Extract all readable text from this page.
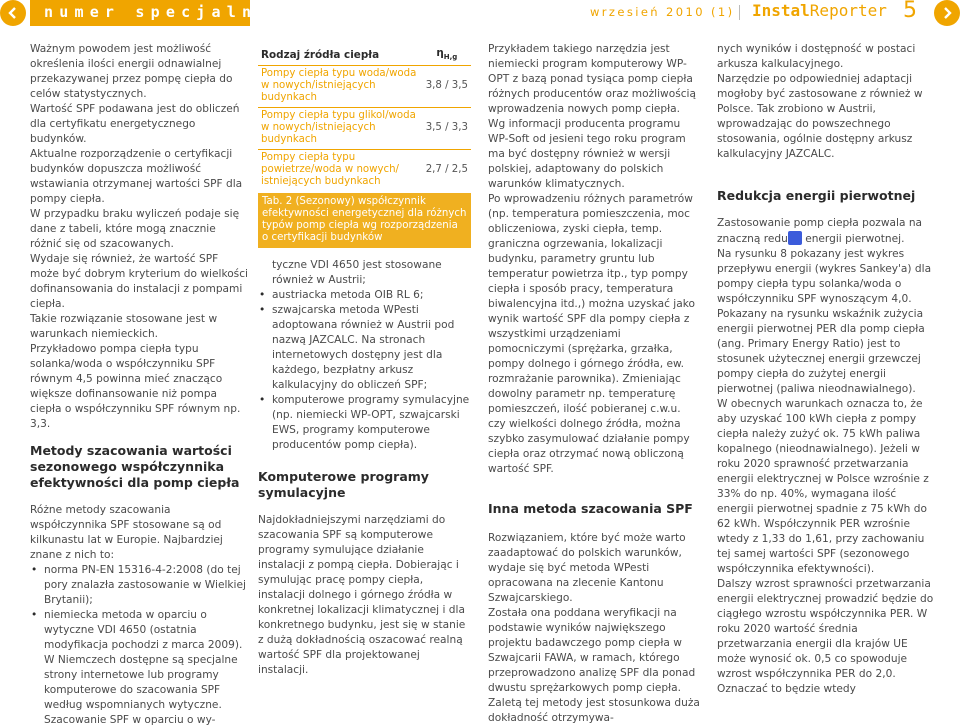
numer specjalny	wrzesień 2010 (1) InstalReporter 5

Ważnym powodem jest możliwość określenia ilości energii odnawialnej przekazywanej przez pompę ciepła do celów statystycznych.

Wartość SPF podawana jest do obliczeń dla certyfikatu energetycznego budynków.

Aktualne rozporządzenie o certyfikacji budynków dopuszcza możliwość wstawiania otrzymanej wartości SPF dla pompy ciepła.

W przypadku braku wyliczeń podaje się dane z tabeli, które mogą znacznie różnić się od szacowanych.

Wydaje się również, że wartość SPF może być dobrym kryterium do wielkości dofinansowania do instalacji z pompami ciepła.

Takie rozwiązanie stosowane jest w warunkach niemieckich.

Przykładowo pompa ciepła typu solanka/woda o współczynniku SPF równym 4,5 powinna mieć znacząco większe dofinansowanie niż pompa ciepła o współczynniku SPF równym np. 3,3.

Metody szacowania wartości sezonowego współczynnika efektywności dla pomp ciepła

Różne metody szacowania współczynnika SPF stosowane są od kilkunastu lat w Europie. Najbardziej znane z nich to:

• norma PN-EN 15316-4-2:2008 (do tej pory znalazła zastosowanie w Wielkiej Brytanii);
• niemiecka metoda w oparciu o wytyczne VDI 4650 (ostatnia modyfikacja pochodzi z marca 2009). W Niemczech dostępne są specjalne strony internetowe lub programy komputerowe do szacowania SPF według wspomnianych wytyczne. Szacowanie SPF w oparciu o wy-
Rodzaj źródła ciepła	$\eta_{H,g}$
Pompy ciepła typu woda/woda w nowych/istniejących budynkach	3,8 / 3,5
Pompy ciepła typu glikol/woda w nowych/istniejących budynkach	3,5 / 3,3
Pompy ciepła typu powietrze/woda w nowych/ istniejących budynkach	2,7 / 2,5
Tab. 2 (Sezonowy) współczynnik efektywności energetycznej dla różnych typów pomp ciepła wg rozporządzenia o certyfikacji budynków

tyczne VDI 4650 jest stosowane również w Austrii;

• austriacka metoda OIB RL 6;
• szwajcarska metoda WPesti adoptowana również w Austrii pod nazwą JAZCALC. Na stronach internetowych dostępny jest dla każdego, bezpłatny arkusz kalkulacyjny do obliczeń SPF;
• komputerowe programy symulacyjne (np. niemiecki WP-OPT, szwajcarski EWS, programy komputerowe producentów pomp ciepła).
Komputerowe programy symulacyjne

Najdokładniejszymi narzędziami do szacowania SPF są komputerowe programy symulujące działanie instalacji z pompą ciepła. Dobierając i symulując pracę pompy ciepła, instalacji dolnego i górnego źródła w konkretnej lokalizacji klimatycznej i dla konkretnego budynku, jest się w stanie z dużą dokładnością oszacować realną wartość SPF dla projektowanej instalacji.

Przykładem takiego narzędzia jest niemiecki program komputerowy WP-OPT z bazą ponad tysiąca pomp ciepła różnych producentów oraz możliwością wprowadzenia nowych pomp ciepła. Wg informacji producenta programu WP-Soft od jesieni tego roku program ma być dostępny również w wersji polskiej, adaptowany do polskich warunków klimatycznych.

Po wprowadzeniu różnych parametrów (np. temperatura pomieszczenia, moc obliczeniowa, zyski ciepła, temp. graniczna ogrzewania, lokalizacji budynku, parametry gruntu lub temperatur powietrza itp., typ pompy ciepła i sposób pracy, temperatura biwalencyjna itd.,) można uzyskać jako wynik wartość SPF dla pompy ciepła z wszystkimi urządzeniami pomocniczymi (sprężarka, grzałka, pompy dolnego i górnego źródła, ew. rozmrażanie parownika). Zmieniając dowolny parametr np. temperaturę pomieszczeń, ilość pobieranej c.w.u. czy wielkości dolnego źródła, można szybko zasymulować działanie pompy ciepła oraz otrzymać nową obliczoną wartość SPF.

Inna metoda szacowania SPF

Rozwiązaniem, które być może warto zaadaptować do polskich warunków, wydaje się być metoda WPesti opracowana na zlecenie Kantonu Szwajcarskiego.

Została ona poddana weryfikacji na podstawie wyników największego projektu badawczego pomp ciepła w Szwajcarii FAWA, w ramach, którego przeprowadzono analizę SPF dla ponad dwustu sprężarkowych pomp ciepła. Zaletą tej metody jest stosunkowa duża dokładność otrzymywa-

nych wyników i dostępność w postaci arkusza kalkulacyjnego.

Narzędzie po odpowiedniej adaptacji mogłoby być zastosowane z również w Polsce. Tak zrobiono w Austrii, wprowadzając do powszechnego stosowania, ogólnie dostępny arkusz kalkulacyjny JAZCALC.

Redukcja energii pierwotnej

Zastosowanie pomp ciepła pozwala na znaczną redu energii pierwotnej.

Na rysunku 8 pokazany jest wykres przepływu energii (wykres Sankey'a) dla pompy ciepła typu solanka/woda o współczynniku SPF wynoszącym 4,0.

Pokazany na rysunku wskaźnik zużycia energii pierwotnej PER dla pomp ciepła (ang. Primary Energy Ratio) jest to stosunek użytecznej energii grzewczej pompy ciepła do zużytej energii pierwotnej (paliwa nieodnawialnego).

W obecnych warunkach oznacza to, że aby uzyskać 100 kWh ciepła z pompy ciepła należy zużyć ok. 75 kWh paliwa kopalnego (nieodnawialnego). Jeżeli w roku 2020 sprawność przetwarzania energii elektrycznej w Polsce wzrośnie z 33% do np. 40%, wymagana ilość energii pierwotnej spadnie z 75 kWh do 62 kWh. Współczynnik PER wzrośnie wtedy z 1,33 do 1,61, przy zachowaniu tej samej wartości SPF (sezonowego współczynnika efektywności).

Dalszy wzrost sprawności przetwarzania energii elektrycznej prowadzić będzie do ciągłego wzrostu współczynnika PER. W roku 2020 wartość średnia przetwarzania energii dla krajów UE może wynosić ok. 0,5 co spowoduje wzrost współczynnika PER do 2,0. Oznaczać to będzie wtedy
